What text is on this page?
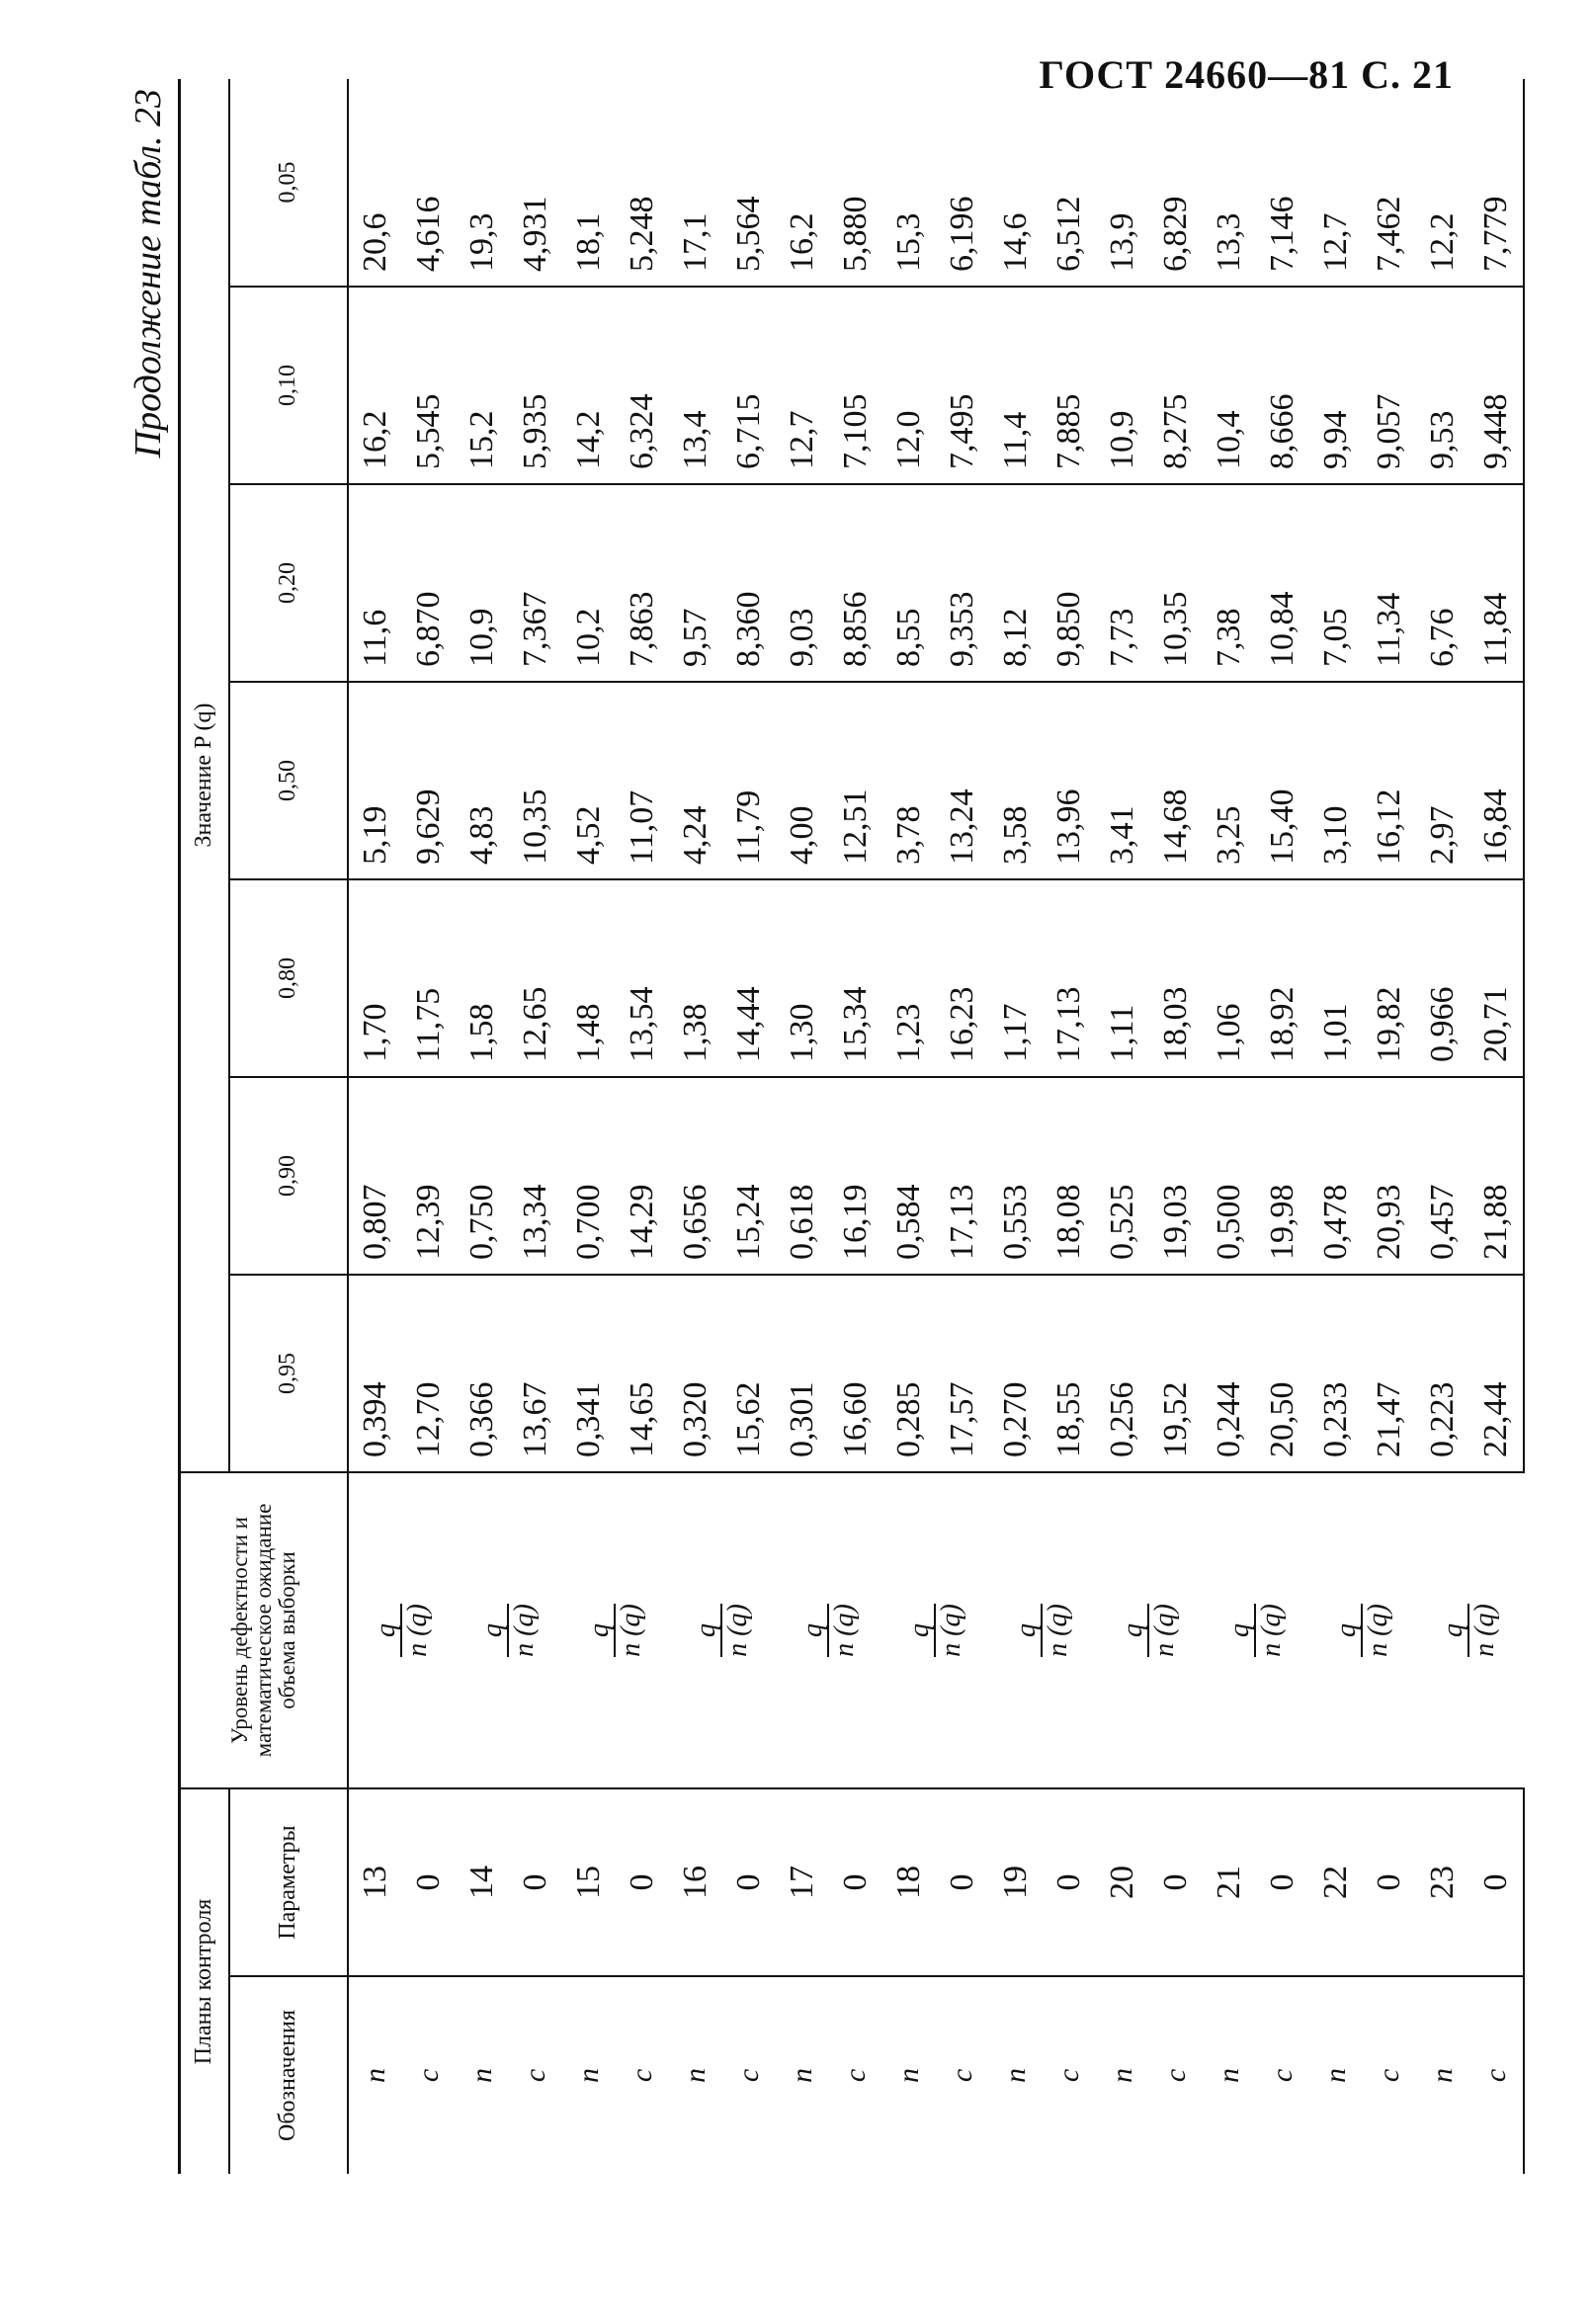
ГОСТ 24660—81 С. 21
Продолжение табл. 23
Планы контроля		Уровень дефектности и математическое ожидание объема выборки	Значение P (q)						
Обозначения	Параметры		0,95	0,90	0,80	0,50	0,20	0,10	0,05
n	13	q n (q)	0,394	0,807	1,70	5,19	11,6	16,2	20,6
c	0		12,70	12,39	11,75	9,629	6,870	5,545	4,616
n	14	q n (q)	0,366	0,750	1,58	4,83	10,9	15,2	19,3
c	0		13,67	13,34	12,65	10,35	7,367	5,935	4,931
n	15	q n (q)	0,341	0,700	1,48	4,52	10,2	14,2	18,1
c	0		14,65	14,29	13,54	11,07	7,863	6,324	5,248
n	16	q n (q)	0,320	0,656	1,38	4,24	9,57	13,4	17,1
c	0		15,62	15,24	14,44	11,79	8,360	6,715	5,564
n	17	q n (q)	0,301	0,618	1,30	4,00	9,03	12,7	16,2
c	0		16,60	16,19	15,34	12,51	8,856	7,105	5,880
n	18	q n (q)	0,285	0,584	1,23	3,78	8,55	12,0	15,3
c	0		17,57	17,13	16,23	13,24	9,353	7,495	6,196
n	19	q n (q)	0,270	0,553	1,17	3,58	8,12	11,4	14,6
c	0		18,55	18,08	17,13	13,96	9,850	7,885	6,512
n	20	q n (q)	0,256	0,525	1,11	3,41	7,73	10,9	13,9
c	0		19,52	19,03	18,03	14,68	10,35	8,275	6,829
n	21	q n (q)	0,244	0,500	1,06	3,25	7,38	10,4	13,3
c	0		20,50	19,98	18,92	15,40	10,84	8,666	7,146
n	22	q n (q)	0,233	0,478	1,01	3,10	7,05	9,94	12,7
c	0		21,47	20,93	19,82	16,12	11,34	9,057	7,462
n	23	q n (q)	0,223	0,457	0,966	2,97	6,76	9,53	12,2
c	0		22,44	21,88	20,71	16,84	11,84	9,448	7,779
